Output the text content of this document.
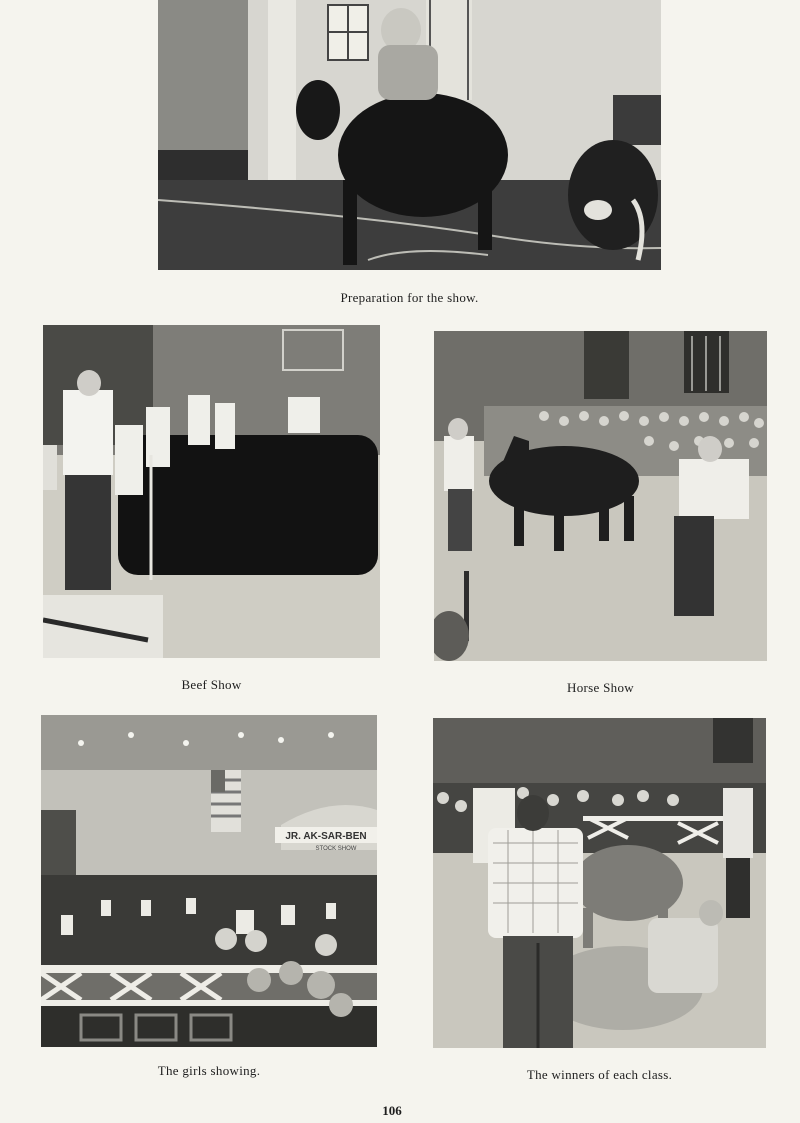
Preparation for the show.
Beef Show	Horse Show
JR. AK-SAR-BEN
STOCK SHOW
The girls showing.	The winners of each class.
106
